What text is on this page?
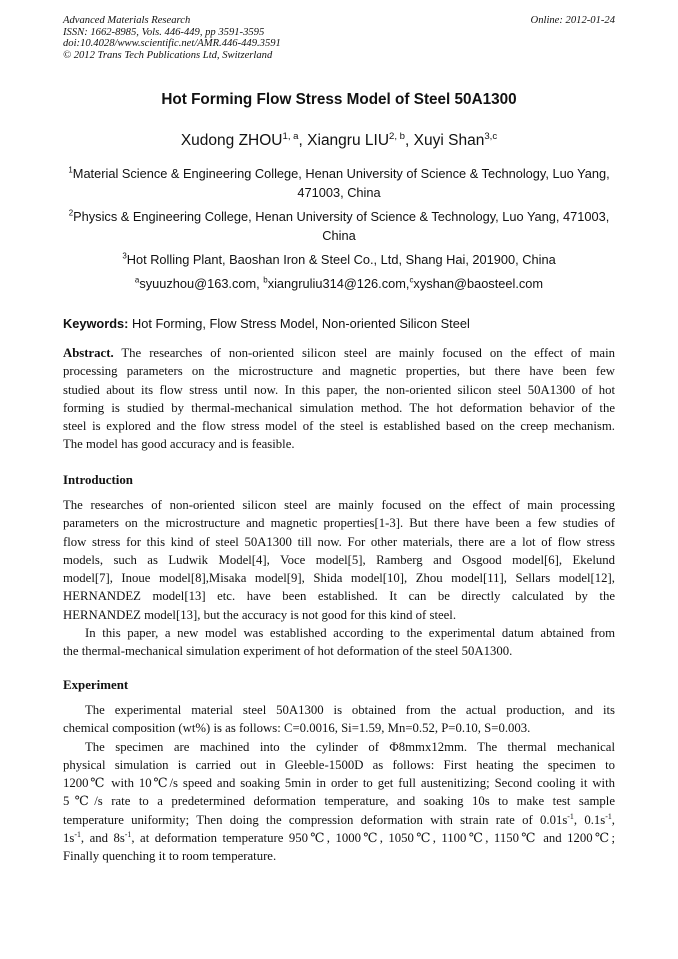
Advanced Materials Research
ISSN: 1662-8985, Vols. 446-449, pp 3591-3595
doi:10.4028/www.scientific.net/AMR.446-449.3591
© 2012 Trans Tech Publications Ltd, Switzerland
Online: 2012-01-24
Hot Forming Flow Stress Model of Steel 50A1300
Xudong ZHOU$^{1, a}$, Xiangru LIU$^{2, b}$, Xuyi Shan$^{3,c}$
$^1$Material Science & Engineering College, Henan University of Science & Technology, Luo Yang,
471003, China
$^2$Physics & Engineering College, Henan University of Science & Technology, Luo Yang, 471003,
China
$^3$Hot Rolling Plant, Baoshan Iron & Steel Co., Ltd, Shang Hai, 201900, China
$^a$syuuzhou@163.com, $^b$xiangruliu314@126.com,$^c$xyshan@baosteel.com
Keywords: Hot Forming, Flow Stress Model, Non-oriented Silicon Steel
Abstract. The researches of non-oriented silicon steel are mainly focused on the effect of main
processing parameters on the microstructure and magnetic properties, but there have been few
studied about its flow stress until now. In this paper, the non-oriented silicon steel 50A1300 of hot
forming is studied by thermal-mechanical simulation method. The hot deformation behavior of the
steel is explored and the flow stress model of the steel is established based on the creep mechanism.
The model has good accuracy and is feasible.
Introduction
The researches of non-oriented silicon steel are mainly focused on the effect of main processing
parameters on the microstructure and magnetic properties[1-3]. But there have been a few studies of
flow stress for this kind of steel 50A1300 till now. For other materials, there are a lot of flow stress
models, such as Ludwik Model[4], Voce model[5], Ramberg and Osgood model[6], Ekelund
model[7], Inoue model[8],Misaka model[9], Shida model[10], Zhou model[11], Sellars model[12],
HERNANDEZ model[13] etc. have been established. It can be directly calculated by the
HERNANDEZ model[13], but the accuracy is not good for this kind of steel.
In this paper, a new model was established according to the experimental datum abtained from
the thermal-mechanical simulation experiment of hot deformation of the steel 50A1300.
Experiment
The experimental material steel 50A1300 is obtained from the actual production, and its
chemical composition (wt%) is as follows: C=0.0016, Si=1.59, Mn=0.52, P=0.10, S=0.003.
The specimen are machined into the cylinder of Φ8mmx12mm. The thermal mechanical
physical simulation is carried out in Gleeble-1500D as follows: First heating the specimen to
1200℃ with 10℃/s speed and soaking 5min in order to get full austenitizing; Second cooling it with
5℃/s rate to a predetermined deformation temperature, and soaking 10s to make test sample
temperature uniformity; Then doing the compression deformation with strain rate of $0.01s^{-1}$, $0.1s^{-1}$,
$1s^{-1}$, and $8s^{-1}$, at deformation temperature 950℃, 1000℃, 1050℃, 1100℃, 1150℃ and 1200℃;
Finally quenching it to room temperature.
